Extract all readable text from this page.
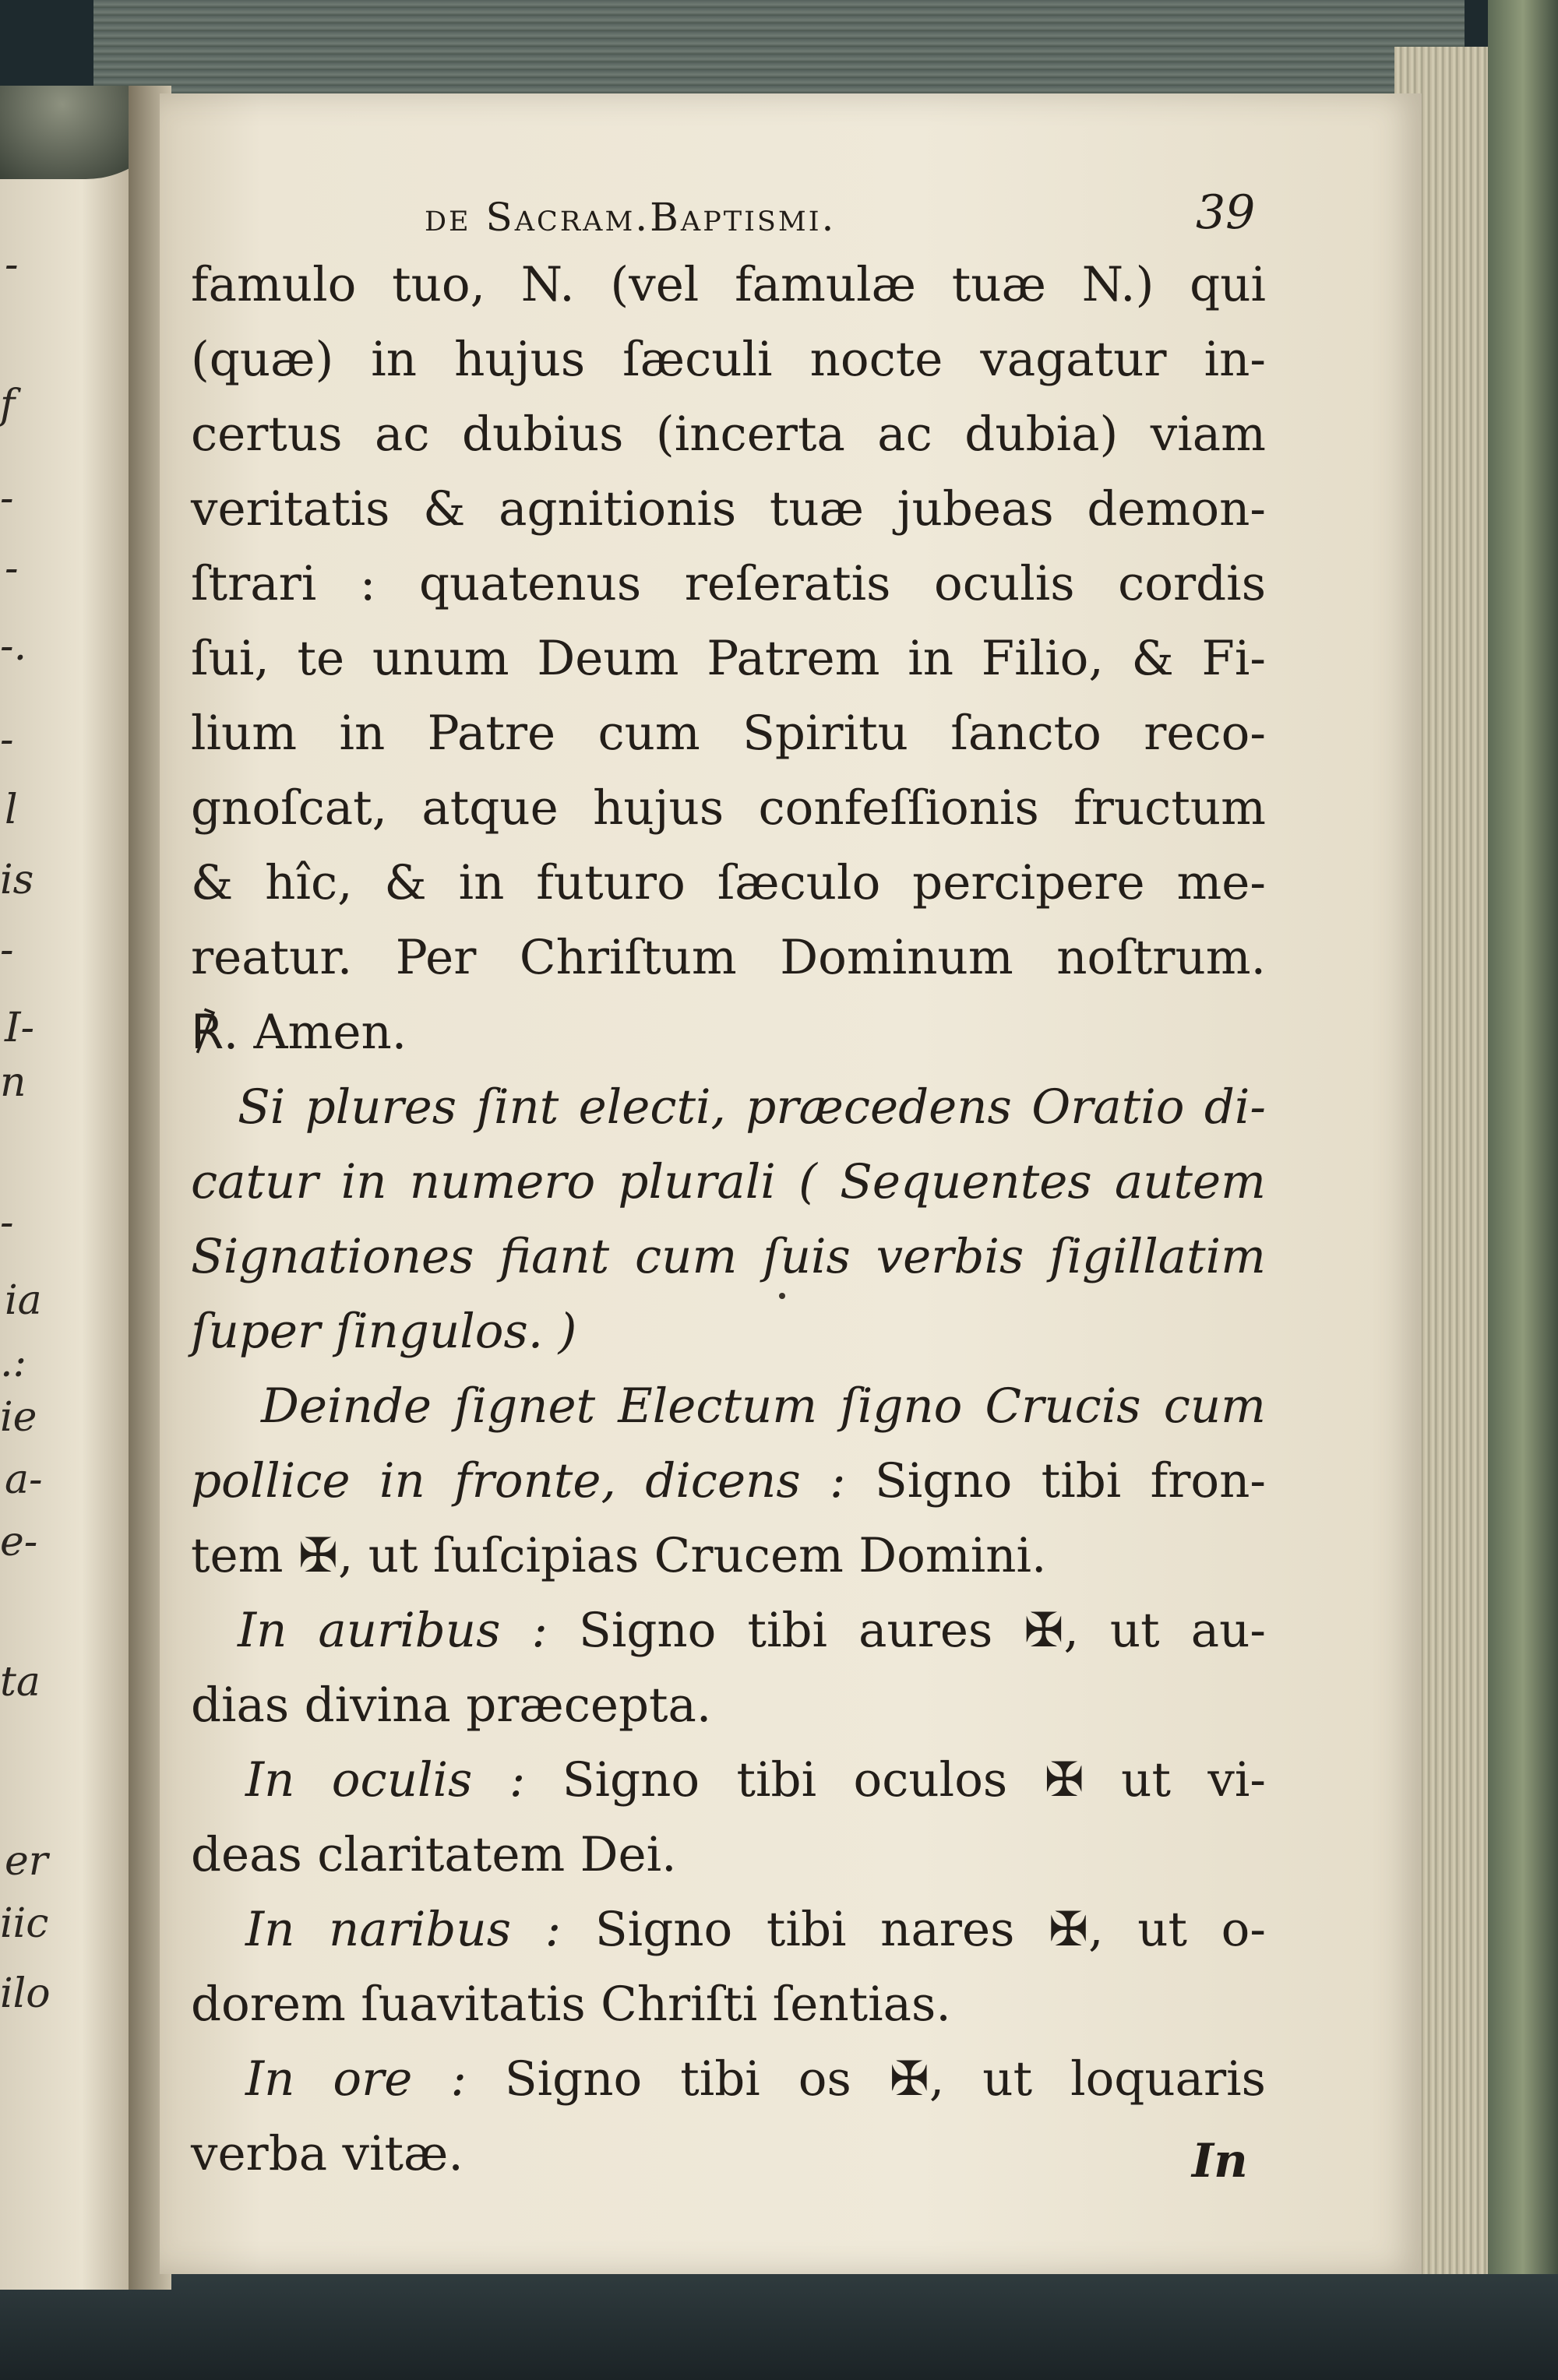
-
f
-
-
-.
-
l
is
-
I-
n
-
ia
.:
ie
a-
e-
ta
er
iic
ilo
de Sacram.Baptismi.	39
famulo tuo, N. (vel famulæ tuæ N.) qui
(quæ) in hujus ſæculi nocte vagatur in-
certus ac dubius (incerta ac dubia) viam
veritatis & agnitionis tuæ jubeas demon-
ſtrari : quatenus reſeratis oculis cordis
ſui, te unum Deum Patrem in Filio, & Fi-
lium in Patre cum Spiritu ſancto reco-
gnoſcat, atque hujus confeſſionis fructum
& hîc, & in futuro ſæculo percipere me-
reatur. Per Chriſtum Dominum noſtrum.
℟. Amen.
Si plures ſint electi, præcedens Oratio di-
catur in numero plurali ( Sequentes autem
Signationes fiant cum ſuis verbis ſigillatim
ſuper ſingulos. )
Deinde ſignet Electum ſigno Crucis cum
pollice in fronte, dicens : Signo tibi fron-
tem ✠, ut ſuſcipias Crucem Domini.
In auribus : Signo tibi aures ✠, ut au-
dias divina præcepta.
In oculis : Signo tibi oculos ✠ ut vi-
deas claritatem Dei.
In naribus : Signo tibi nares ✠, ut o-
dorem ſuavitatis Chriſti ſentias.
In ore : Signo tibi os ✠, ut loquaris
verba vitæ.	In
